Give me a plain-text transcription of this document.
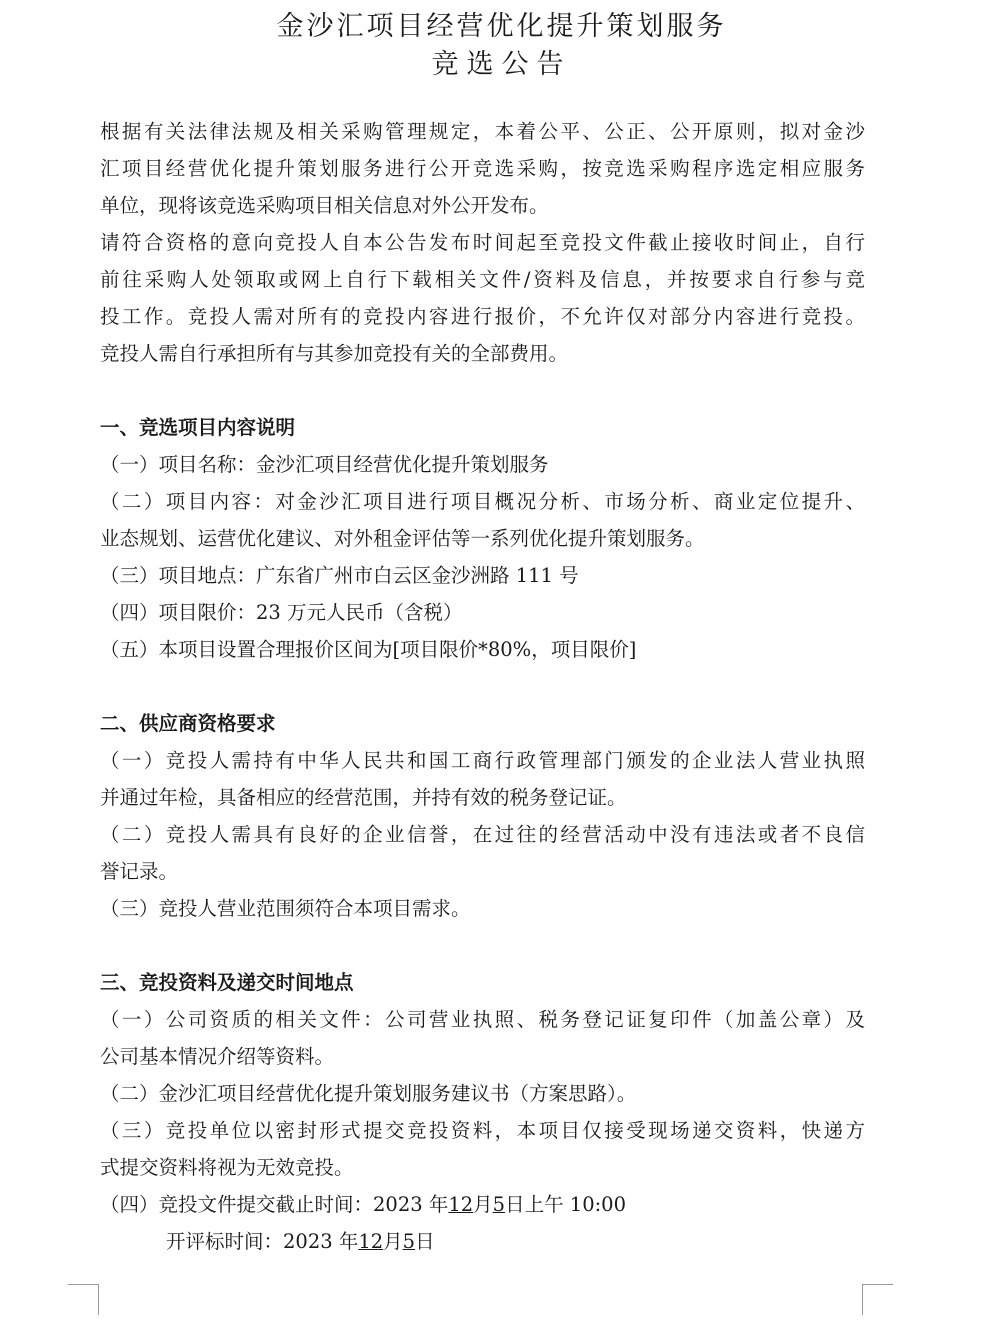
金沙汇项目经营优化提升策划服务
竞选公告

根据有关法律法规及相关采购管理规定，本着公平、公正、公开原则，拟对金沙

汇项目经营优化提升策划服务进行公开竞选采购，按竞选采购程序选定相应服务

单位，现将该竞选采购项目相关信息对外公开发布。

请符合资格的意向竞投人自本公告发布时间起至竞投文件截止接收时间止，自行

前往采购人处领取或网上自行下载相关文件/资料及信息，并按要求自行参与竞

投工作。竞投人需对所有的竞投内容进行报价，不允许仅对部分内容进行竞投。

竞投人需自行承担所有与其参加竞投有关的全部费用。

一、竞选项目内容说明

（一）项目名称：金沙汇项目经营优化提升策划服务

（二）项目内容：对金沙汇项目进行项目概况分析、市场分析、商业定位提升、

业态规划、运营优化建议、对外租金评估等一系列优化提升策划服务。

（三）项目地点：广东省广州市白云区金沙洲路 111 号

（四）项目限价：23 万元人民币（含税）

（五）本项目设置合理报价区间为[项目限价*80%，项目限价]

二、供应商资格要求

（一）竞投人需持有中华人民共和国工商行政管理部门颁发的企业法人营业执照

并通过年检，具备相应的经营范围，并持有效的税务登记证。

（二）竞投人需具有良好的企业信誉，在过往的经营活动中没有违法或者不良信

誉记录。

（三）竞投人营业范围须符合本项目需求。

三、竞投资料及递交时间地点

（一）公司资质的相关文件：公司营业执照、税务登记证复印件（加盖公章）及

公司基本情况介绍等资料。

（二）金沙汇项目经营优化提升策划服务建议书（方案思路）。

（三）竞投单位以密封形式提交竞投资料，本项目仅接受现场递交资料，快递方

式提交资料将视为无效竞投。

（四）竞投文件提交截止时间：2023 年12月5日上午 10:00

开评标时间：2023 年12月5日
